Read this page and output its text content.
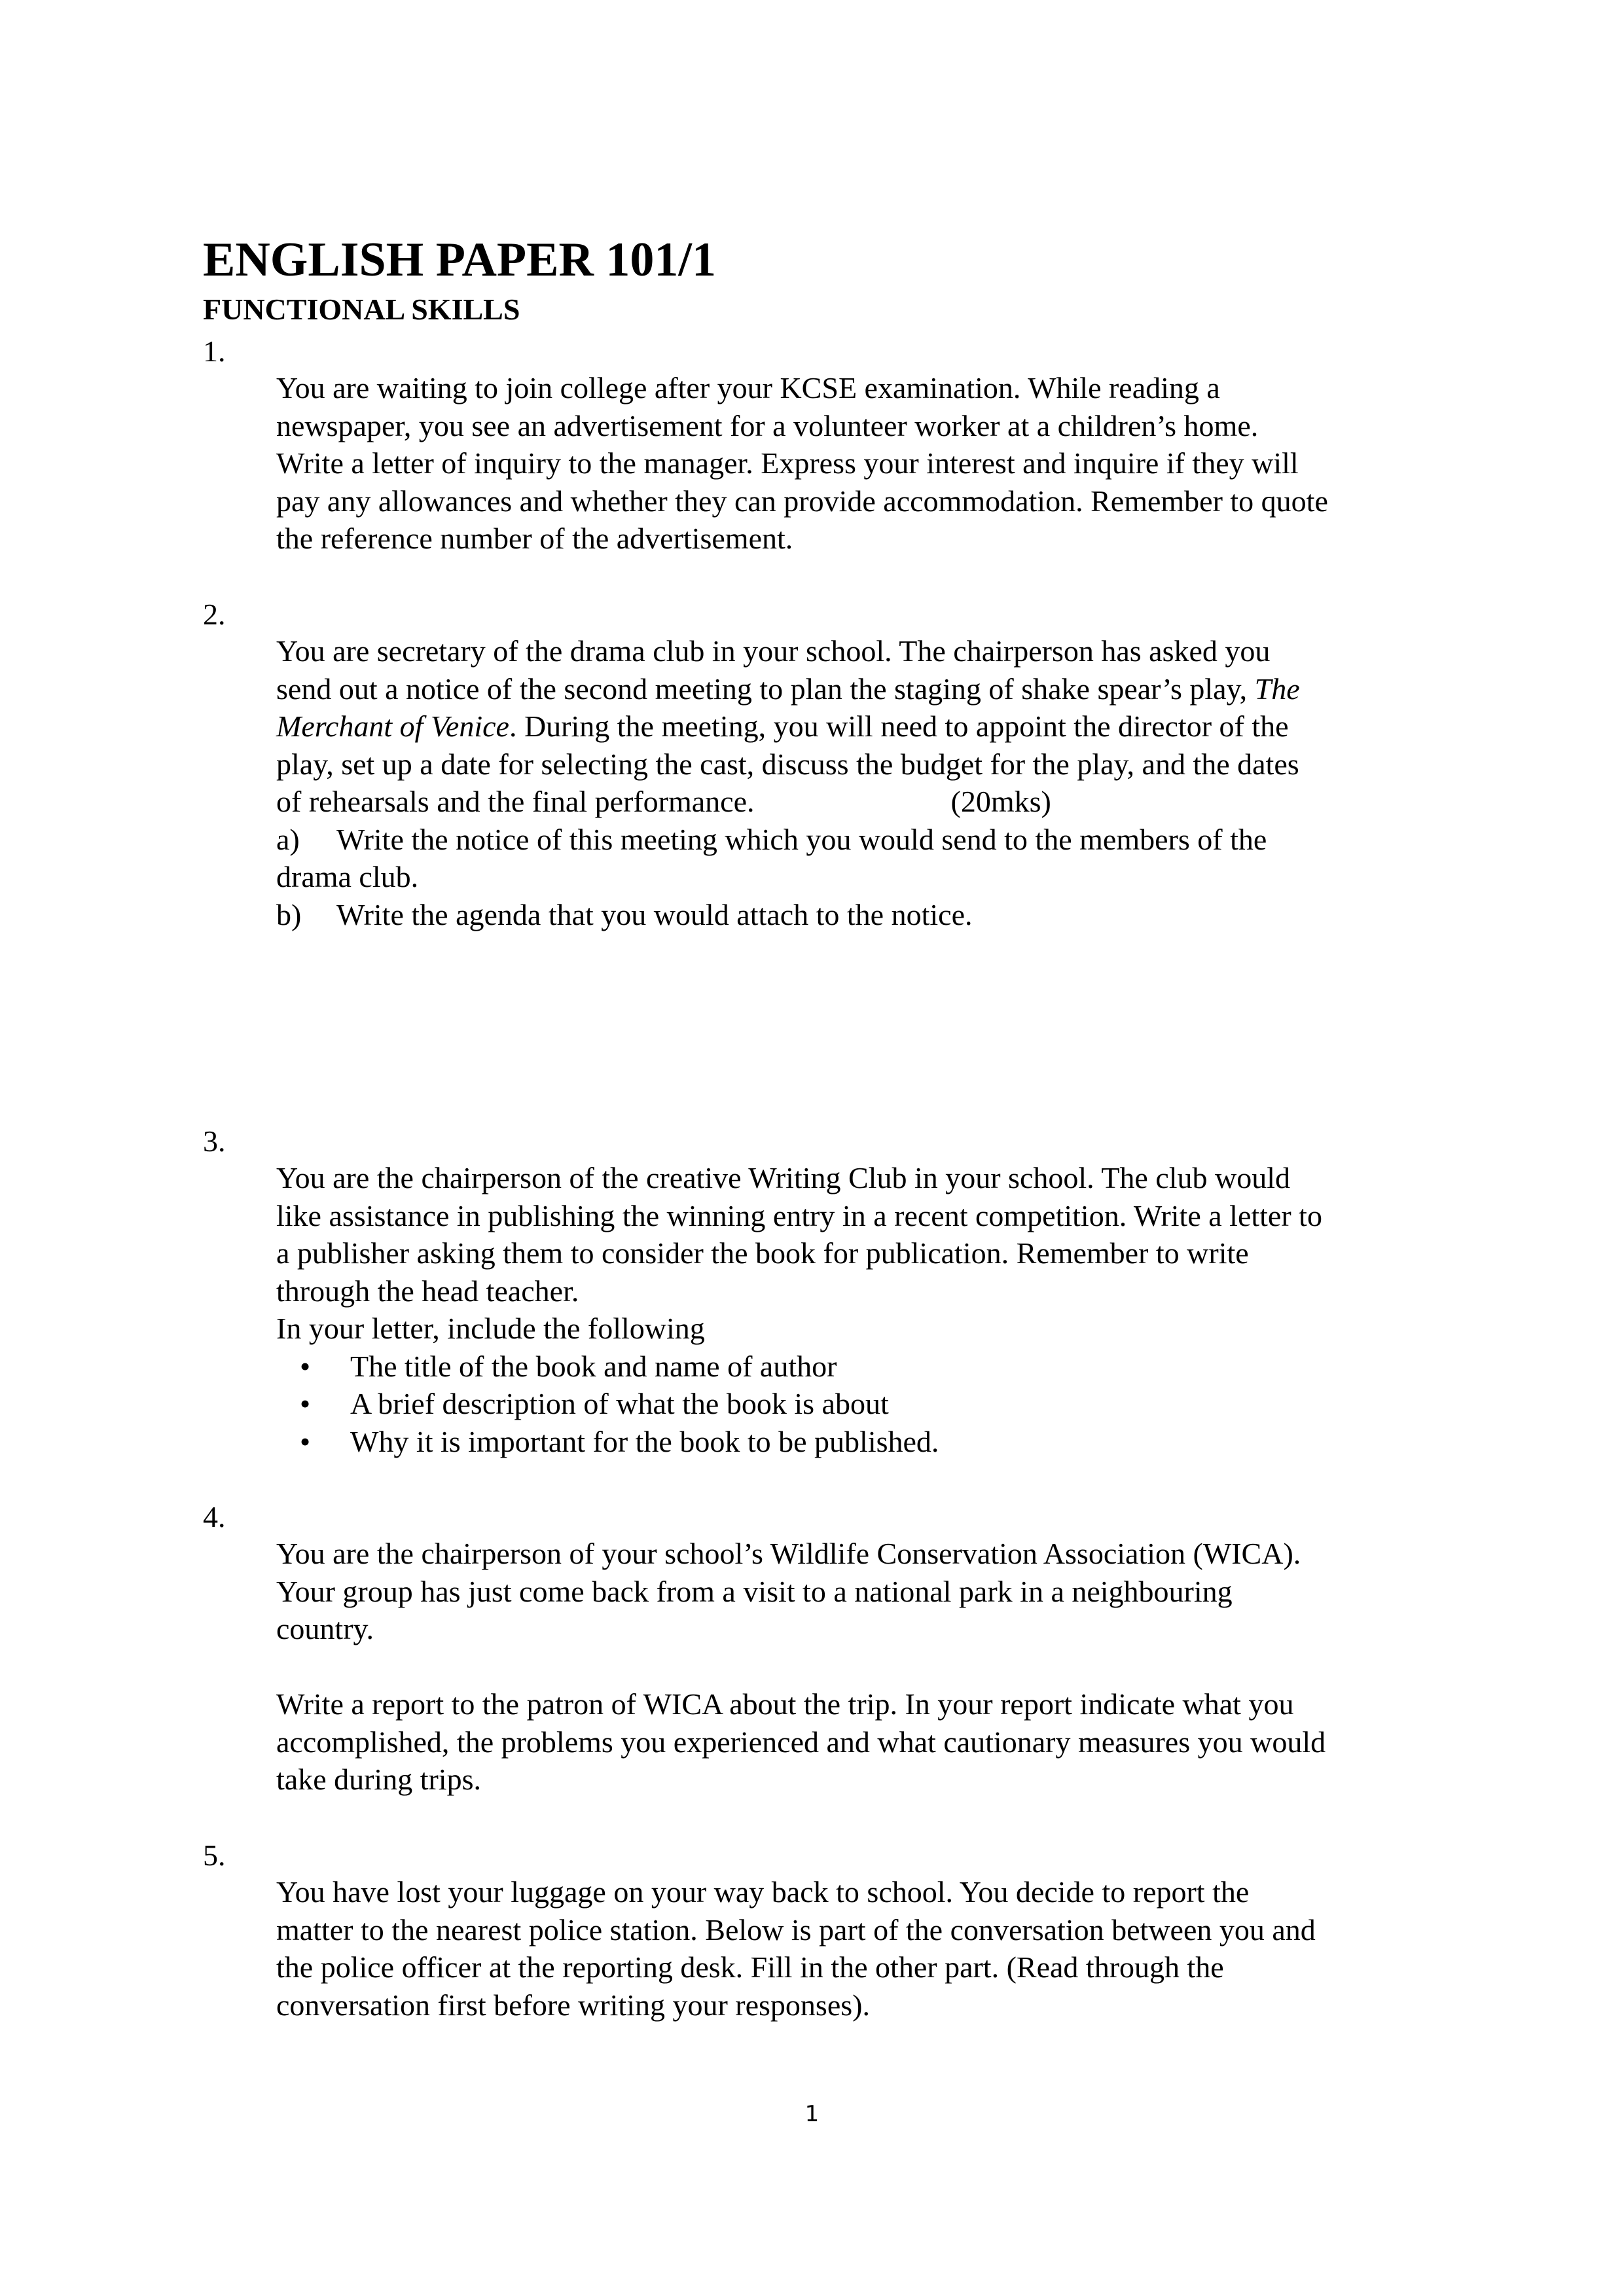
ENGLISH PAPER 101/1
FUNCTIONAL SKILLS
1.
You are waiting to join college after your KCSE examination. While reading a
newspaper, you see an advertisement for a volunteer worker at a children’s home.
Write a letter of inquiry to the manager. Express your interest and inquire if they will
pay any allowances and whether they can provide accommodation. Remember to quote
the reference number of the advertisement.
2.
You are secretary of the drama club in your school. The chairperson has asked you
send out a notice of the second meeting to plan the staging of shake spear’s play, The
Merchant of Venice. During the meeting, you will need to appoint the director of the
play, set up a date for selecting the cast, discuss the budget for the play, and the dates
of rehearsals and the final performance.	(20mks)
a) Write the notice of this meeting which you would send to the members of the
drama club.
b) Write the agenda that you would attach to the notice.
3.
You are the chairperson of the creative Writing Club in your school. The club would
like assistance in publishing the winning entry in a recent competition. Write a letter to
a publisher asking them to consider the book for publication. Remember to write
through the head teacher.
In your letter, include the following
• The title of the book and name of author
• A brief description of what the book is about
• Why it is important for the book to be published.
4.
You are the chairperson of your school’s Wildlife Conservation Association (WICA).
Your group has just come back from a visit to a national park in a neighbouring
country.
Write a report to the patron of WICA about the trip. In your report indicate what you
accomplished, the problems you experienced and what cautionary measures you would
take during trips.
5.
You have lost your luggage on your way back to school. You decide to report the
matter to the nearest police station. Below is part of the conversation between you and
the police officer at the reporting desk. Fill in the other part. (Read through the
conversation first before writing your responses).
1
